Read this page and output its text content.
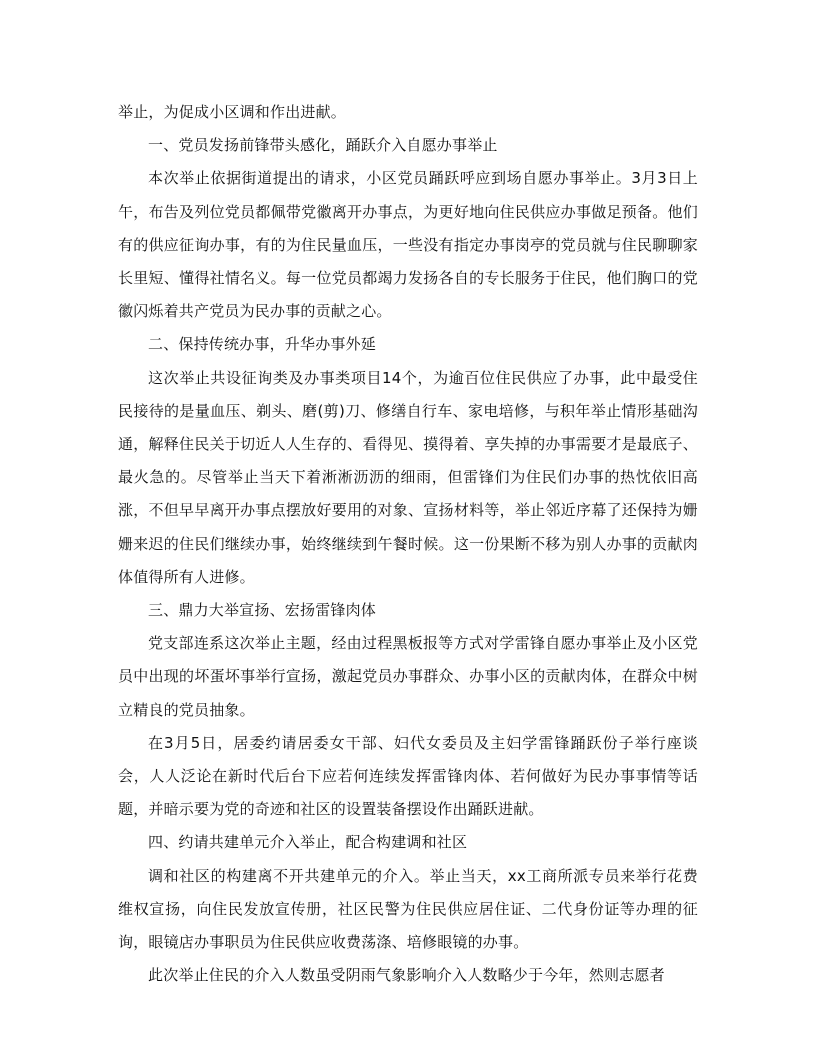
举止，为促成小区调和作出进献。

一、党员发扬前锋带头感化，踊跃介入自愿办事举止

本次举止依据街道提出的请求，小区党员踊跃呼应到场自愿办事举止。3月3日上午，布告及列位党员都佩带党徽离开办事点，为更好地向住民供应办事做足预备。他们有的供应征询办事，有的为住民量血压，一些没有指定办事岗亭的党员就与住民聊聊家长里短、懂得社情名义。每一位党员都竭力发扬各自的专长服务于住民，他们胸口的党徽闪烁着共产党员为民办事的贡献之心。

二、保持传统办事，升华办事外延

这次举止共设征询类及办事类项目14个，为逾百位住民供应了办事，此中最受住民接待的是量血压、剃头、磨(剪)刀、修缮自行车、家电培修，与积年举止情形基础沟通，解释住民关于切近人人生存的、看得见、摸得着、享失掉的办事需要才是最底子、最火急的。尽管举止当天下着淅淅沥沥的细雨，但雷锋们为住民们办事的热忱依旧高涨，不但早早离开办事点摆放好要用的对象、宣扬材料等，举止邻近序幕了还保持为姗姗来迟的住民们继续办事，始终继续到午餐时候。这一份果断不移为别人办事的贡献肉体值得所有人进修。

三、鼎力大举宣扬、宏扬雷锋肉体

党支部连系这次举止主题，经由过程黑板报等方式对学雷锋自愿办事举止及小区党员中出现的坏蛋坏事举行宣扬，激起党员办事群众、办事小区的贡献肉体，在群众中树立精良的党员抽象。

在3月5日，居委约请居委女干部、妇代女委员及主妇学雷锋踊跃份子举行座谈会，人人泛论在新时代后台下应若何连续发挥雷锋肉体、若何做好为民办事事情等话题，并暗示要为党的奇迹和社区的设置装备摆设作出踊跃进献。

四、约请共建单元介入举止，配合构建调和社区

调和社区的构建离不开共建单元的介入。举止当天，xx工商所派专员来举行花费维权宣扬，向住民发放宣传册，社区民警为住民供应居住证、二代身份证等办理的征询，眼镜店办事职员为住民供应收费荡涤、培修眼镜的办事。

此次举止住民的介入人数虽受阴雨气象影响介入人数略少于今年，然则志愿者
